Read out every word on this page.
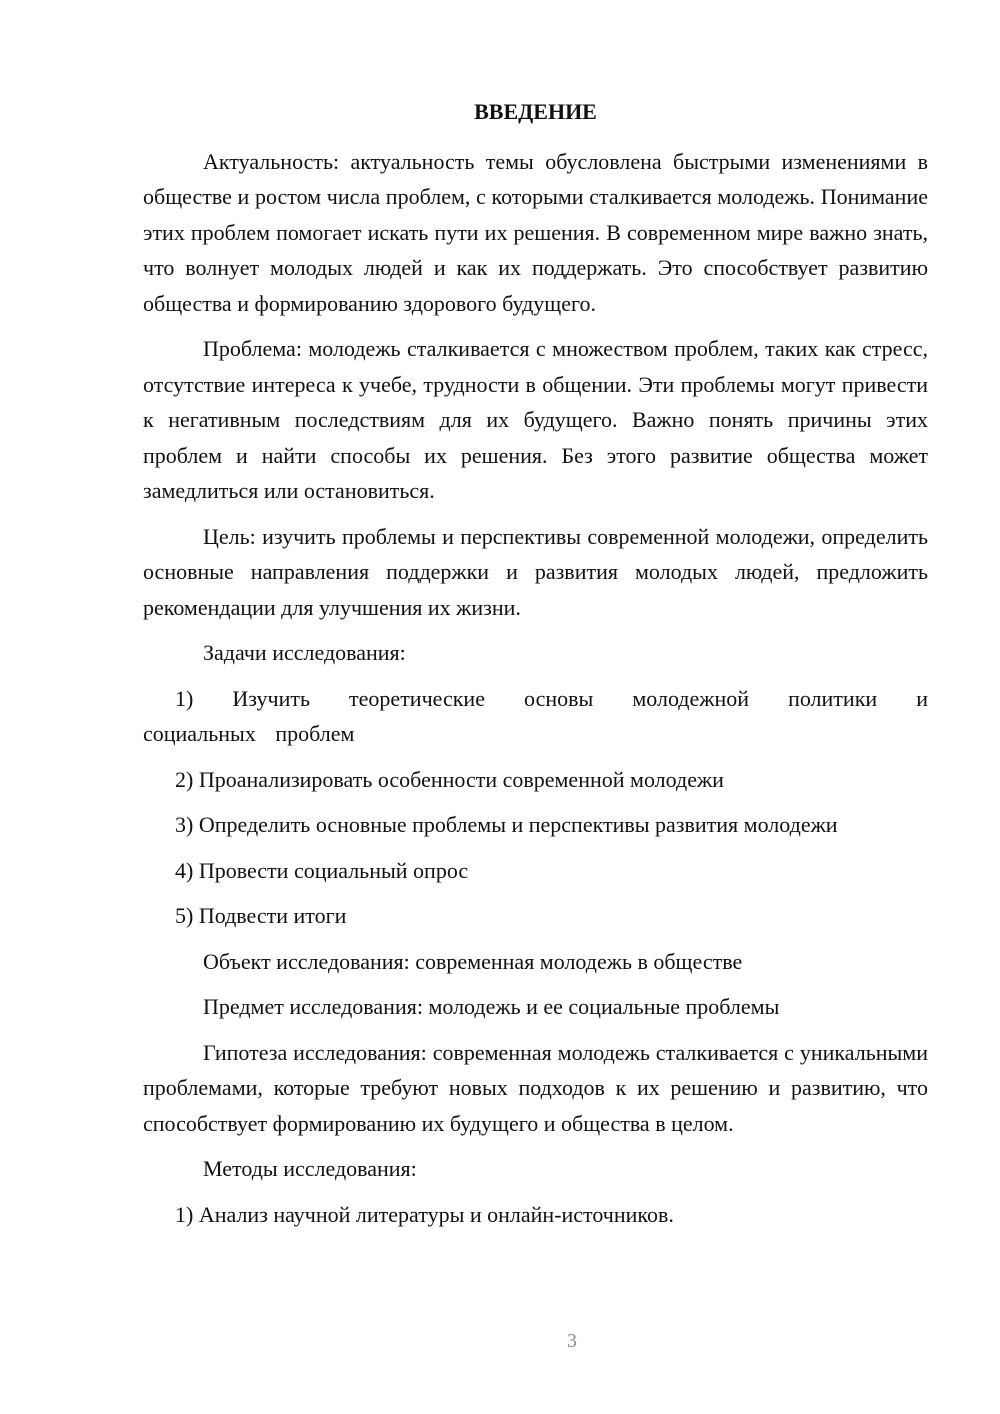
ВВЕДЕНИЕ

Актуальность: актуальность темы обусловлена быстрыми изменениями в обществе и ростом числа проблем, с которыми сталкивается молодежь. Понимание этих проблем помогает искать пути их решения. В современном мире важно знать, что волнует молодых людей и как их поддержать. Это способствует развитию общества и формированию здорового будущего.

Проблема: молодежь сталкивается с множеством проблем, таких как стресс, отсутствие интереса к учебе, трудности в общении. Эти проблемы могут привести к негативным последствиям для их будущего. Важно понять причины этих проблем и найти способы их решения. Без этого развитие общества может замедлиться или остановиться.

Цель: изучить проблемы и перспективы современной молодежи, определить основные направления поддержки и развития молодых людей, предложить рекомендации для улучшения их жизни.

Задачи исследования:

1) Изучить теоретические основы молодежной политики и социальных проблем

2) Проанализировать особенности современной молодежи

3) Определить основные проблемы и перспективы развития молодежи

4) Провести социальный опрос

5) Подвести итоги

Объект исследования: современная молодежь в обществе

Предмет исследования: молодежь и ее социальные проблемы

Гипотеза исследования: современная молодежь сталкивается с уникальными проблемами, которые требуют новых подходов к их решению и развитию, что способствует формированию их будущего и общества в целом.

Методы исследования:

1) Анализ научной литературы и онлайн-источников.

3
